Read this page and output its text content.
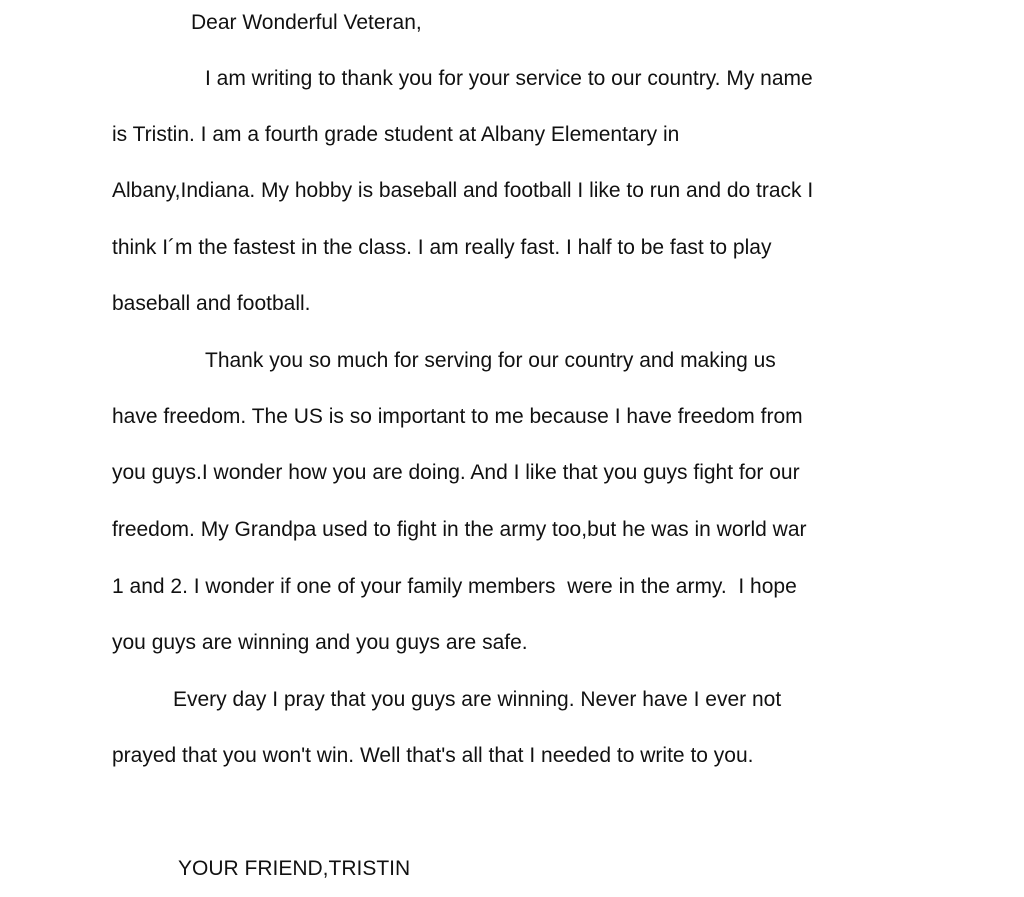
Dear Wonderful Veteran,
I am writing to thank you for your service to our country. My name
is Tristin. I am a fourth grade student at Albany Elementary in
Albany,Indiana. My hobby is baseball and football I like to run and do track I
think I´m the fastest in the class. I am really fast. I half to be fast to play
baseball and football.
Thank you so much for serving for our country and making us
have freedom. The US is so important to me because I have freedom from
you guys.I wonder how you are doing. And I like that you guys fight for our
freedom. My Grandpa used to fight in the army too,but he was in world war
1 and 2. I wonder if one of your family members  were in the army.  I hope
you guys are winning and you guys are safe.
Every day I pray that you guys are winning. Never have I ever not
prayed that you won't win. Well that's all that I needed to write to you.
YOUR FRIEND,TRISTIN
